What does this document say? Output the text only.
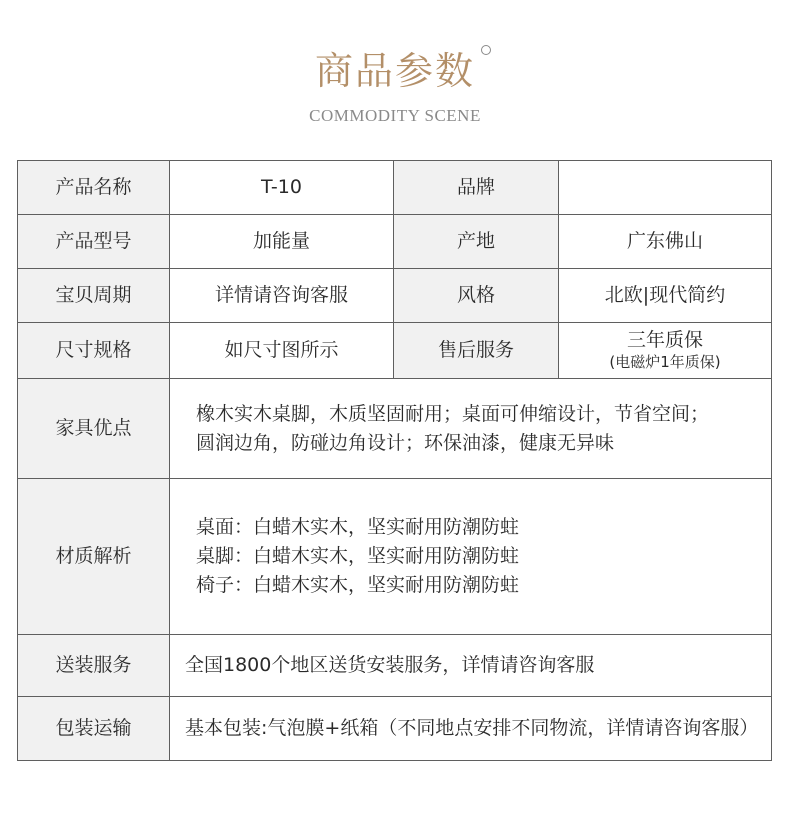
商品参数
COMMODITY SCENE
产品名称	T-10	品牌	
产品型号	加能量	产地	广东佛山
宝贝周期	详情请咨询客服	风格	北欧|现代简约
尺寸规格	如尺寸图所示	售后服务	三年质保
(电磁炉1年质保)

家具优点	橡木实木桌脚，木质坚固耐用；桌面可伸缩设计，节省空间；
圆润边角，防碰边角设计；环保油漆，健康无异味		

材质解析	桌面：白蜡木实木，坚实耐用防潮防蛀
桌脚：白蜡木实木，坚实耐用防潮防蛀
椅子：白蜡木实木，坚实耐用防潮防蛀		

送装服务	全国1800个地区送货安装服务，详情请咨询客服		

包装运输	基本包装:气泡膜+纸箱（不同地点安排不同物流，详情请咨询客服）		
